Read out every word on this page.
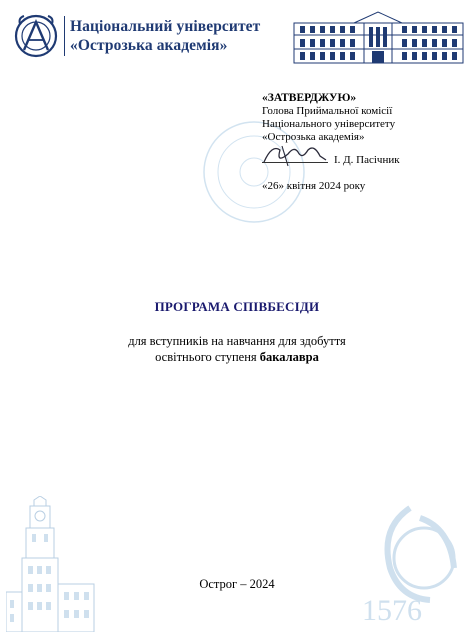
Національний університет
«Острозька академія»
«ЗАТВЕРДЖУЮ»
Голова Приймальної комісії
Національного університету
«Острозька академія»
І. Д. Пасічник
«26» квітня 2024 року
ПРОГРАМА СПІВБЕСІДИ
для вступників на навчання для здобуття
освітнього ступеня бакалавра
Острог – 2024
1576
